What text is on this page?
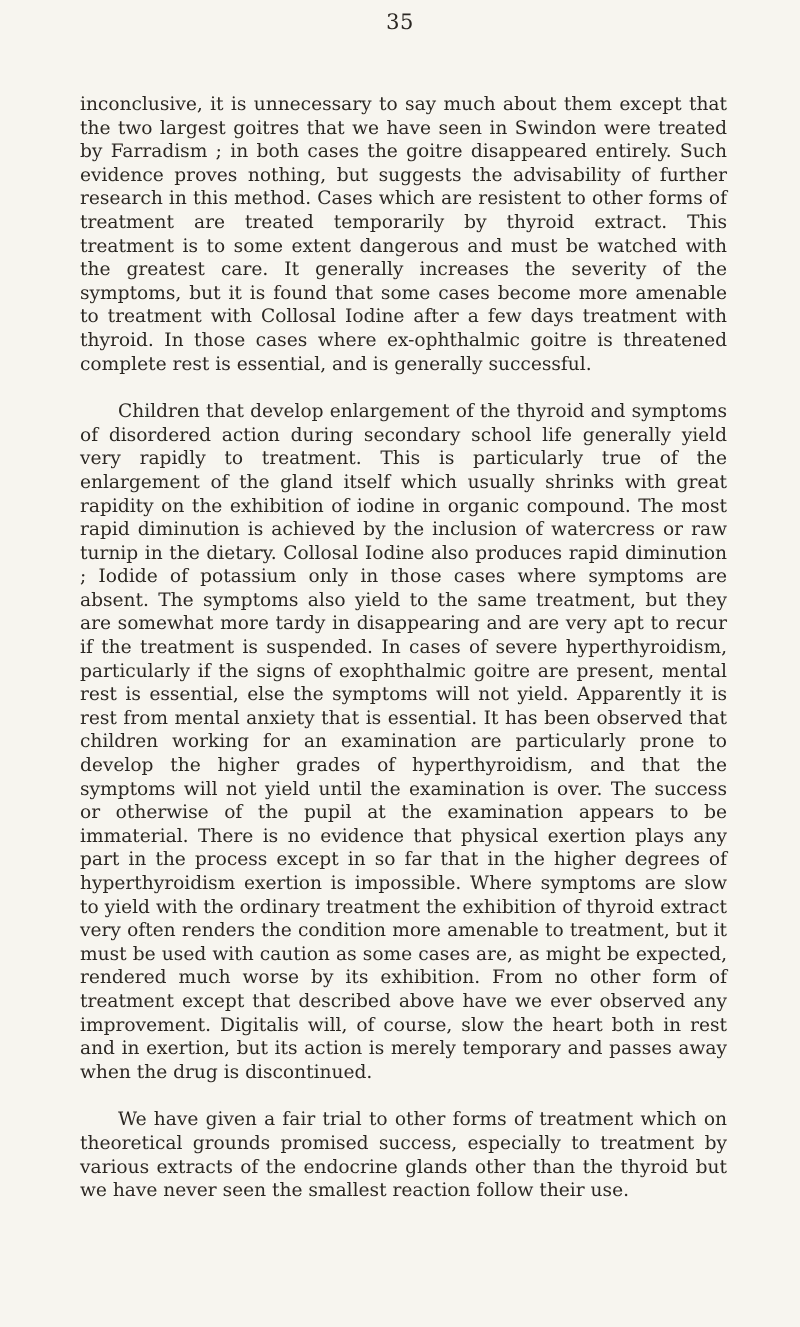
35

inconclusive, it is unnecessary to say much about them except that the two largest goitres that we have seen in Swindon were treated by Farradism ; in both cases the goitre disappeared entirely. Such evidence proves nothing, but suggests the advisability of further research in this method. Cases which are resistent to other forms of treatment are treated temporarily by thyroid extract. This treatment is to some extent dangerous and must be watched with the greatest care. It generally increases the severity of the symptoms, but it is found that some cases become more amenable to treatment with Collosal Iodine after a few days treatment with thyroid. In those cases where ex-ophthalmic goitre is threatened complete rest is essential, and is generally successful.

Children that develop enlargement of the thyroid and symptoms of disordered action during secondary school life generally yield very rapidly to treatment. This is particularly true of the enlargement of the gland itself which usually shrinks with great rapidity on the exhibition of iodine in organic compound. The most rapid diminution is achieved by the inclusion of watercress or raw turnip in the dietary. Collosal Iodine also produces rapid diminution ; Iodide of potassium only in those cases where symptoms are absent. The symptoms also yield to the same treatment, but they are somewhat more tardy in disappearing and are very apt to recur if the treatment is suspended. In cases of severe hyperthyroidism, particularly if the signs of exophthalmic goitre are present, mental rest is essential, else the symptoms will not yield. Apparently it is rest from mental anxiety that is essential. It has been observed that children working for an examination are particularly prone to develop the higher grades of hyperthyroidism, and that the symptoms will not yield until the examination is over. The success or otherwise of the pupil at the examination appears to be immaterial. There is no evidence that physical exertion plays any part in the process except in so far that in the higher degrees of hyperthyroidism exertion is impossible. Where symptoms are slow to yield with the ordinary treatment the exhibition of thyroid extract very often renders the condition more amenable to treatment, but it must be used with caution as some cases are, as might be expected, rendered much worse by its exhibition. From no other form of treatment except that described above have we ever observed any improvement. Digitalis will, of course, slow the heart both in rest and in exertion, but its action is merely temporary and passes away when the drug is discontinued.

We have given a fair trial to other forms of treatment which on theoretical grounds promised success, especially to treatment by various extracts of the endocrine glands other than the thyroid but we have never seen the smallest reaction follow their use.
